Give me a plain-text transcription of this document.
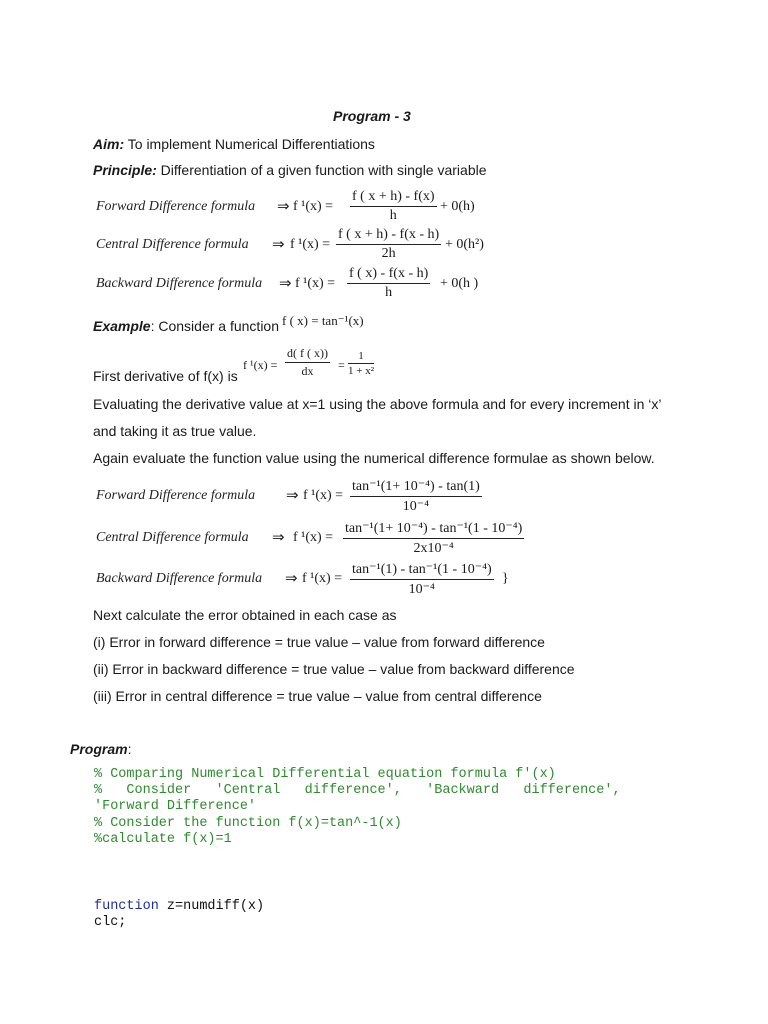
Program - 3
Aim: To implement Numerical Differentiations
Principle: Differentiation of a given function with single variable
Forward Difference formula ⇒ f ¹(x) =
f ( x + h) - f(x)
h
+ 0(h)
Central Difference formula ⇒ f ¹(x) =
f ( x + h) - f(x - h)
2h
+ 0(h²)
Backward Difference formula ⇒ f ¹(x) =
f ( x) - f(x - h)
h
+ 0(h )
Example: Consider a function f ( x) = tan⁻¹(x)
First derivative of f(x) is
f ¹(x) =
d( f ( x))
dx	=
1
1 + x²
Evaluating the derivative value at x=1 using the above formula and for every increment in ‘x’
and taking it as true value.
Again evaluate the function value using the numerical difference formulae as shown below.
Forward Difference formula ⇒ f ¹(x) =
tan⁻¹(1+ 10⁻⁴) - tan(1)
10⁻⁴
Central Difference formula ⇒ f ¹(x) =
tan⁻¹(1+ 10⁻⁴) - tan⁻¹(1 - 10⁻⁴)
2x10⁻⁴
Backward Difference formula ⇒ f ¹(x) =
tan⁻¹(1) - tan⁻¹(1 - 10⁻⁴)
10⁻⁴
}
Next calculate the error obtained in each case as
(i) Error in forward difference = true value – value from forward difference
(ii) Error in backward difference = true value – value from backward difference
(iii) Error in central difference = true value – value from central difference
Program:
% Comparing Numerical Differential equation formula f'(x)
%   Consider   'Central   difference',   'Backward   difference',
'Forward Difference'
% Consider the function f(x)=tan^-1(x)
%calculate f(x)=1
function z=numdiff(x)
clc;
